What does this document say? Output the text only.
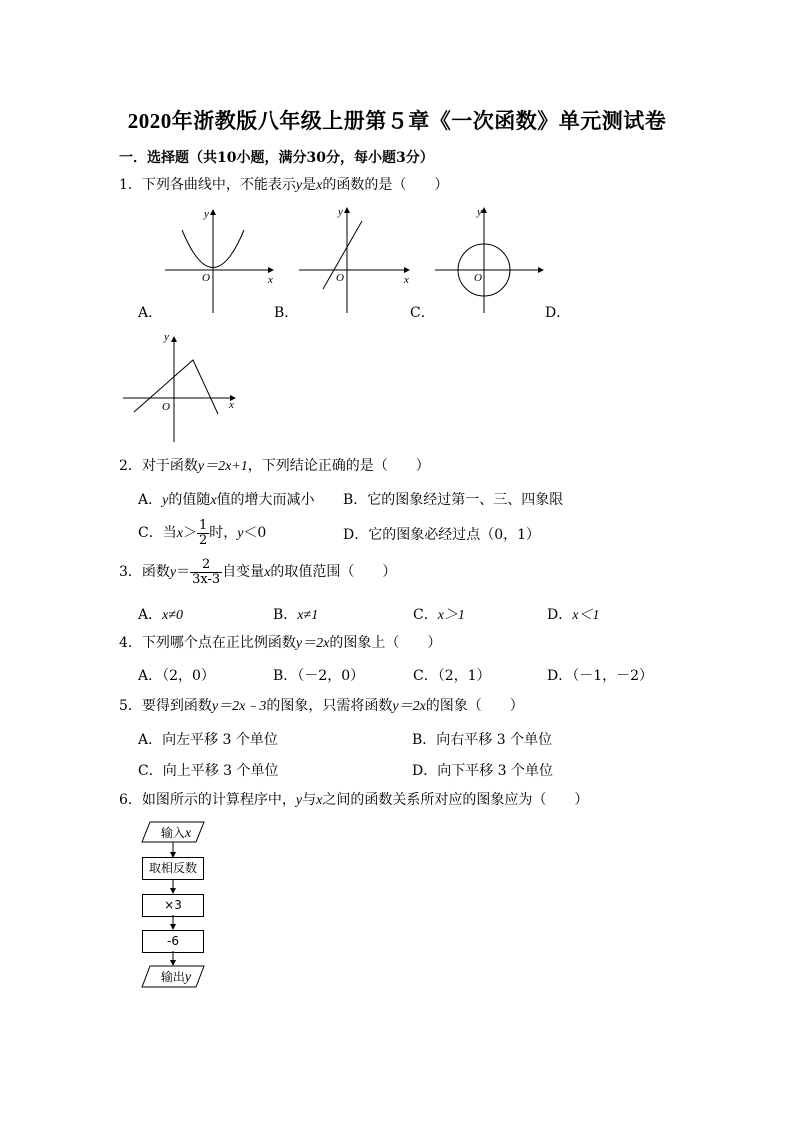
2020年浙教版八年级上册第５章《一次函数》单元测试卷
一．选择题（共10小题，满分30分，每小题3分）
1．下列各曲线中，不能表示y是x的函数的是（　　）
x
y
O	x
y
O
y
O
A．	B．	C．	D．
x
y
O
2．对于函数y＝2x+1，下列结论正确的是（　　）
A．y的值随x值的增大而减小 B．它的图象经过第一、三、四象限
C．当$x> \frac{1}{2}$ 时，y＜0	D．它的图象必经过点（0，1）
3．函数$y= \frac{2}{3x-3}$ 自变量x的取值范围（　　）
A．x≠0	B．x≠1	C．x＞1	D．x＜1
4．下列哪个点在正比例函数y＝2x的图象上（　　）
A．（2，0）	B．（－2，0）	C．（2，1）	D．（－1，－2）
5．要得到函数y＝2x﹣3的图象，只需将函数y＝2x的图象（　　）
A．向左平移 3 个单位	B．向右平移 3 个单位
C．向上平移 3 个单位	D．向下平移 3 个单位
6．如图所示的计算程序中，y与x之间的函数关系所对应的图象应为（　　）
输入x
取相反数
×3
-6
输出y
